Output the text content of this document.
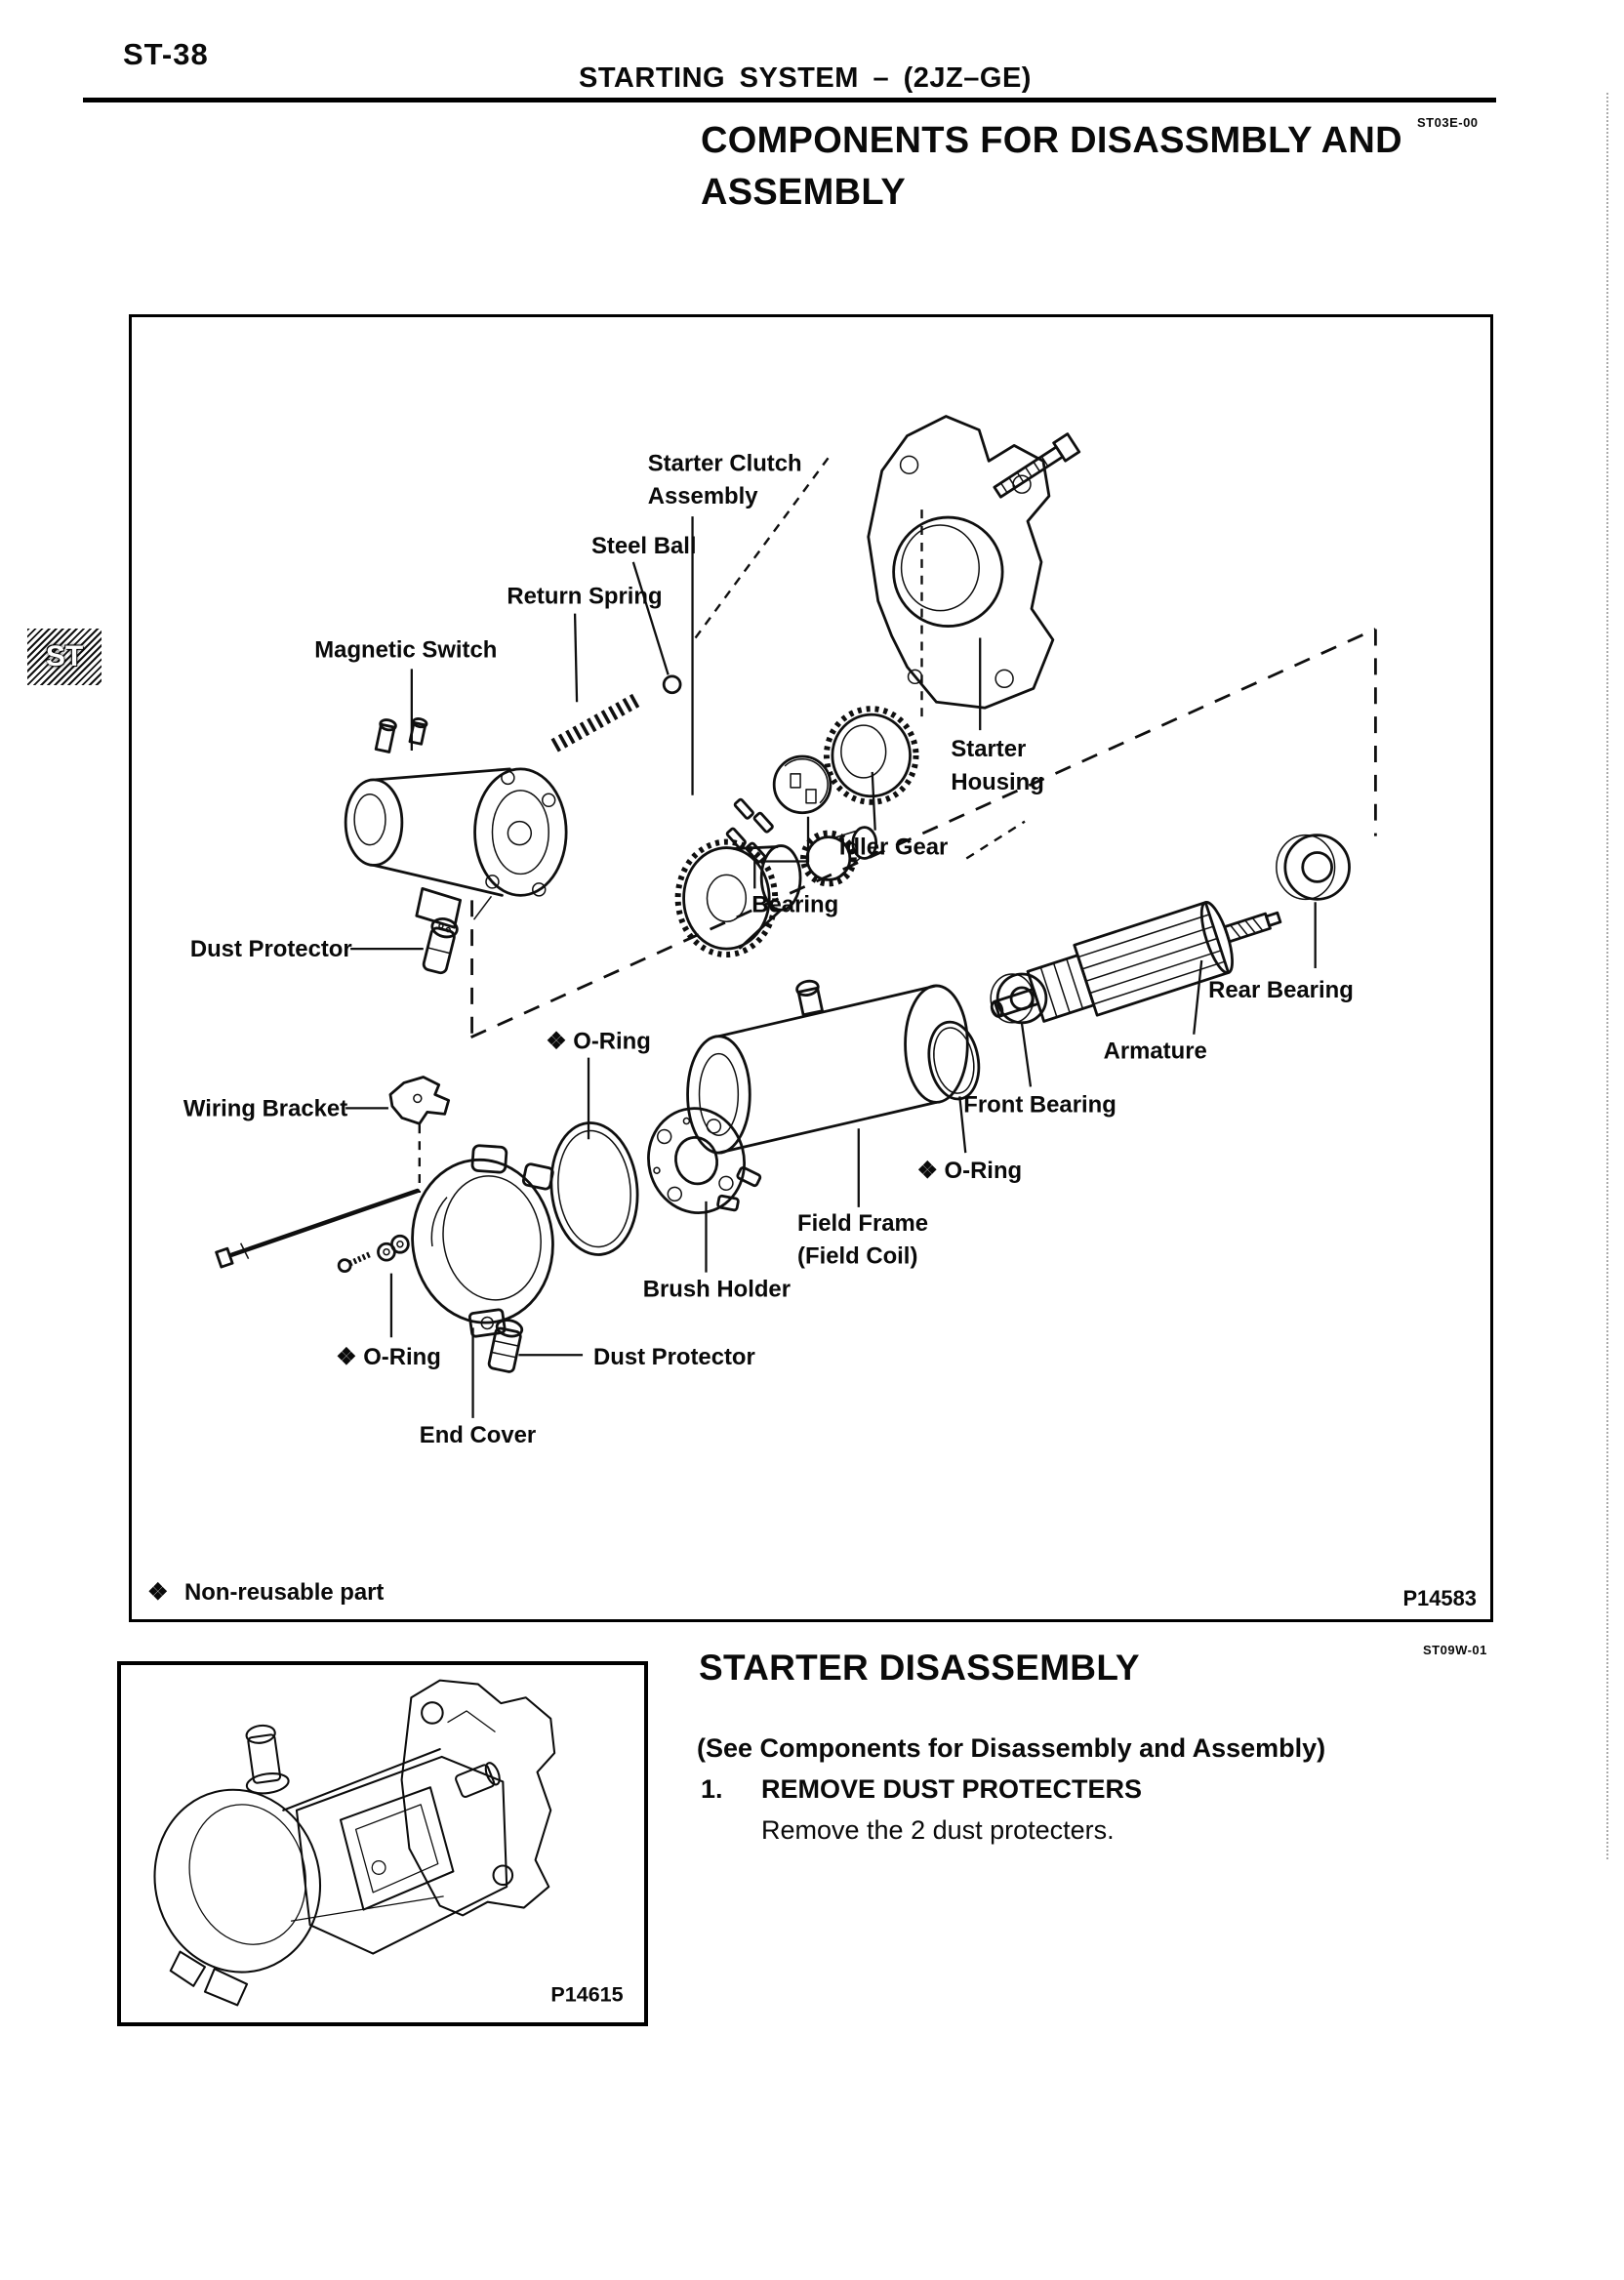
ST-38
STARTING SYSTEM – (2JZ–GE)
ST03E-00
COMPONENTS FOR DISASSMBLY AND
ASSEMBLY
ST
Starter Clutch Assembly
Steel Ball
Return Spring
Magnetic Switch
Starter Housing
Idler Gear
Bearing
Dust Protector
Rear Bearing
Armature
Front Bearing
❖ O-Ring
Wiring Bracket
❖ O-Ring
Field Frame (Field Coil)
Brush Holder
❖ O-Ring	Dust Protector
End Cover
❖ Non-reusable part	P14583
P14615
STARTER DISASSEMBLY	ST09W-01
(See Components for Disassembly and Assembly)
1. REMOVE DUST PROTECTERS
Remove the 2 dust protecters.
